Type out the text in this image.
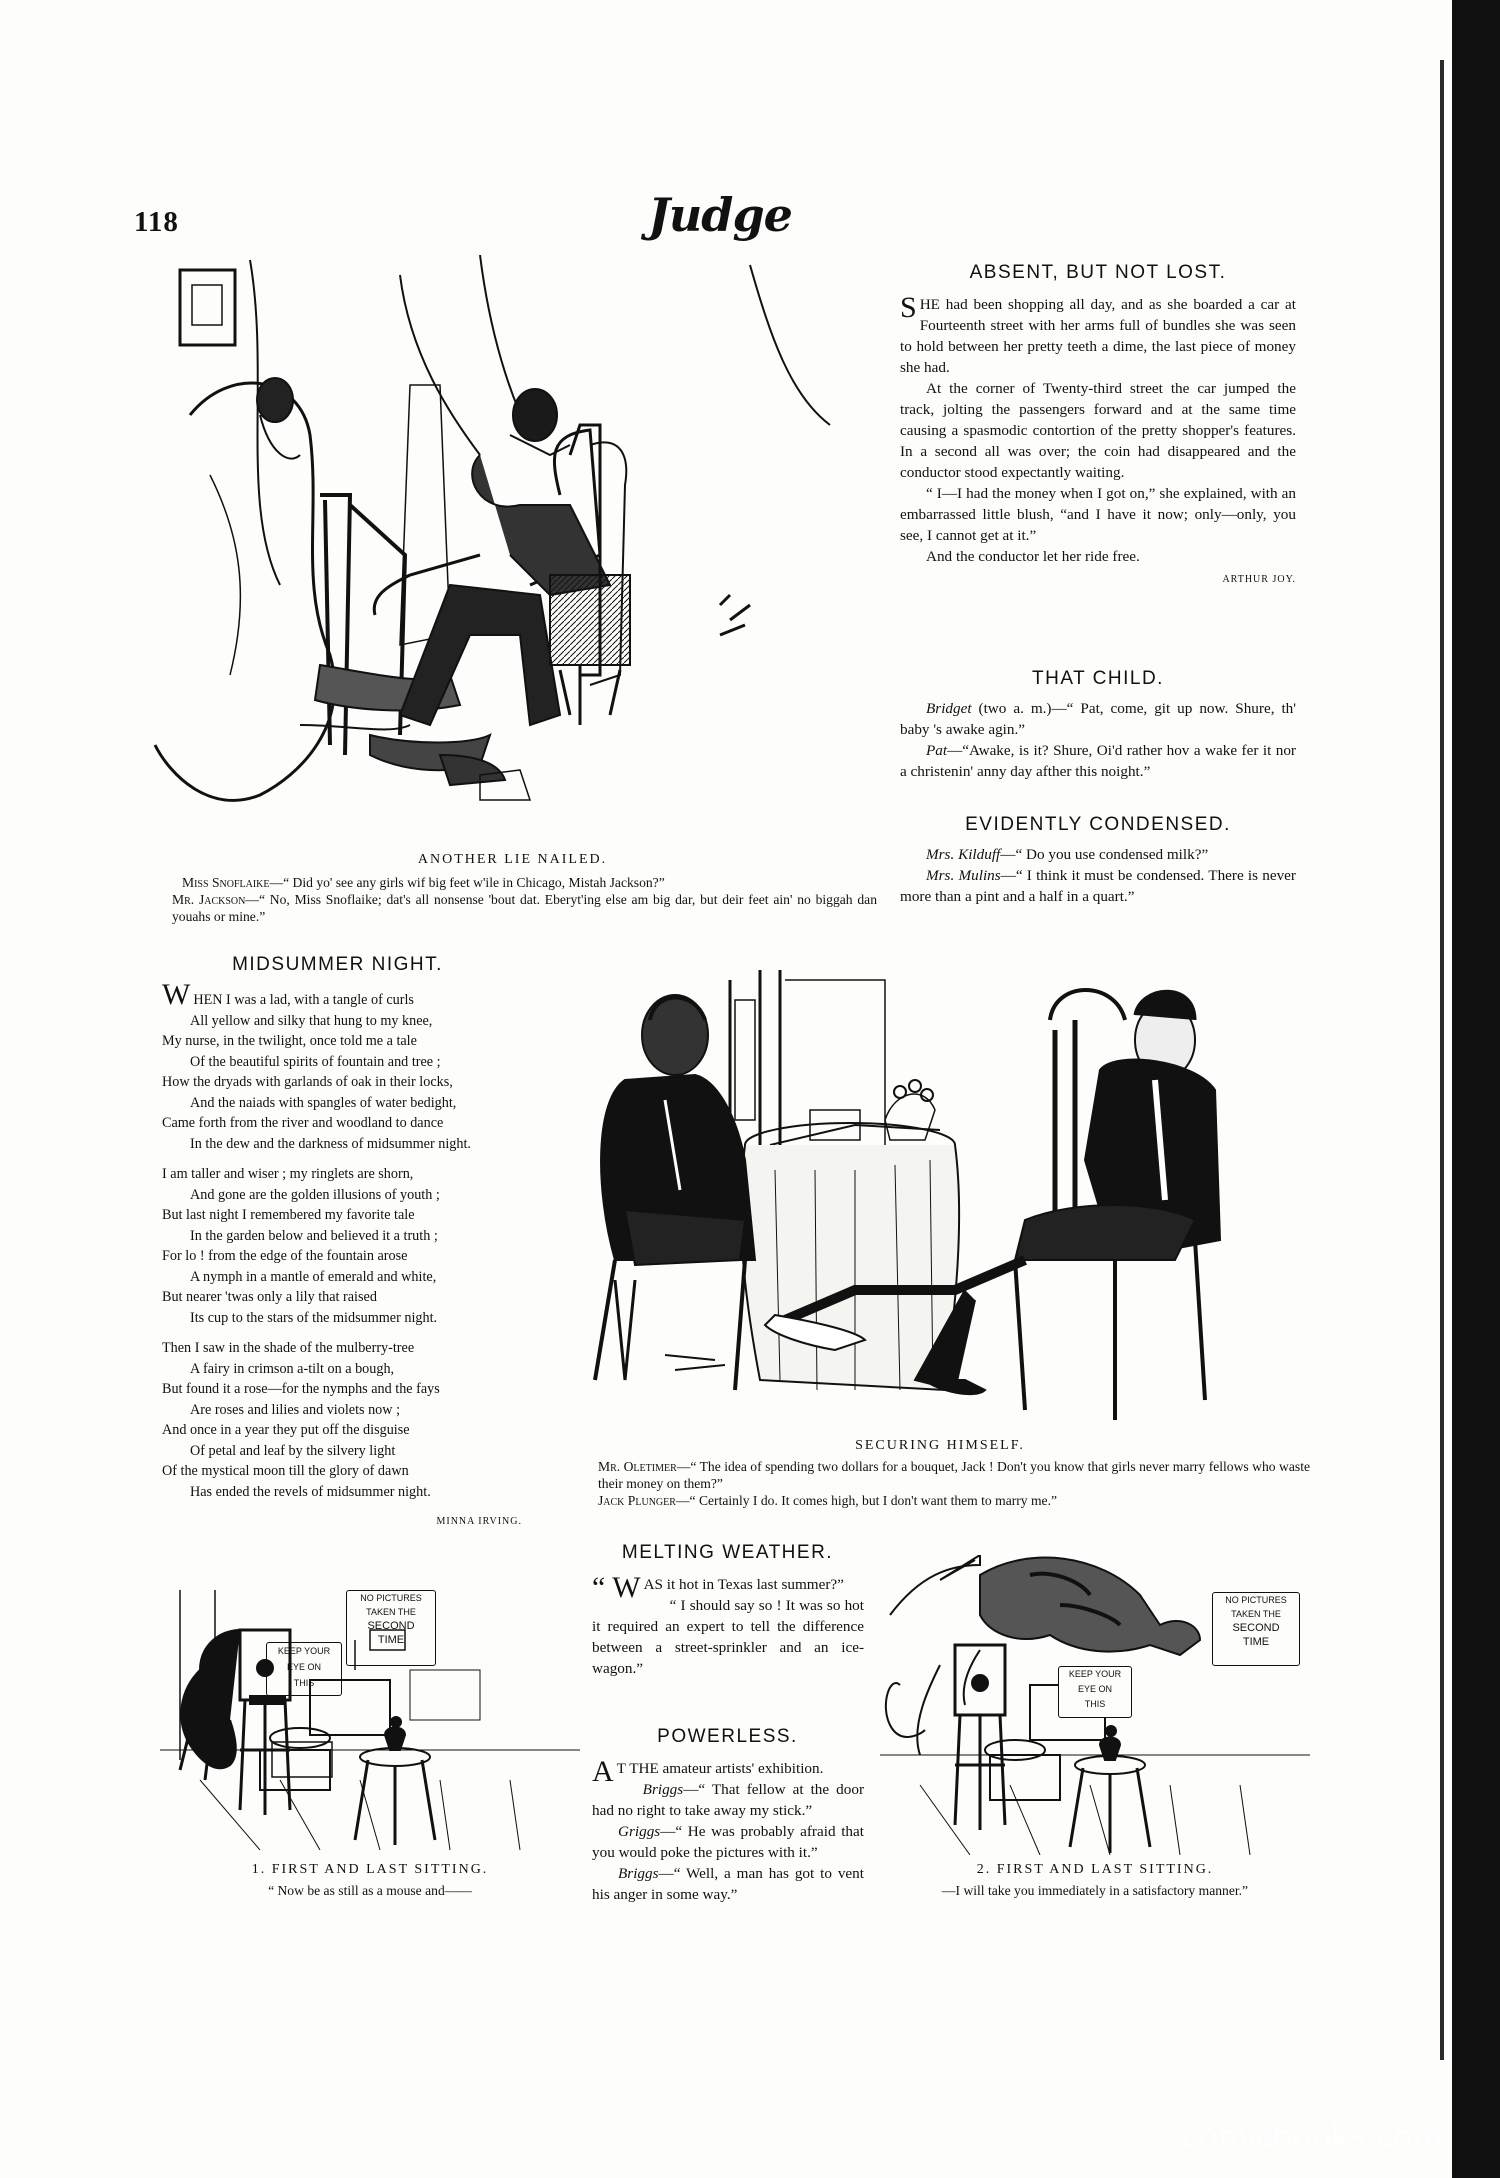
118	Judge
ANOTHER LIE NAILED.
Miss Snoflaike—“ Did yo' see any girls wif big feet w'ile in Chicago, Mistah Jackson?”
Mr. Jackson—“ No, Miss Snoflaike; dat's all nonsense 'bout dat. Eberyt'ing else am big dar, but deir feet ain' no biggah dan youahs or mine.”
ABSENT, BUT NOT LOST.

SHE had been shopping all day, and as she boarded a car at Fourteenth street with her arms full of bundles she was seen to hold between her pretty teeth a dime, the last piece of money she had.

At the corner of Twenty-third street the car jumped the track, jolting the passengers forward and at the same time causing a spasmodic contortion of the pretty shopper's features. In a second all was over; the coin had disappeared and the conductor stood expectantly waiting.

“ I—I had the money when I got on,” she explained, with an embarrassed little blush, “and I have it now; only—only, you see, I cannot get at it.”

And the conductor let her ride free.

ARTHUR JOY.
THAT CHILD.

Bridget (two a. m.)—“ Pat, come, git up now. Shure, th' baby 's awake agin.”

Pat—“Awake, is it? Shure, Oi'd rather hov a wake fer it nor a christenin' anny day afther this noight.”

EVIDENTLY CONDENSED.

Mrs. Kilduff—“ Do you use condensed milk?”

Mrs. Mulins—“ I think it must be condensed. There is never more than a pint and a half in a quart.”

MIDSUMMER NIGHT.
WHEN I was a lad, with a tangle of curls
All yellow and silky that hung to my knee,
My nurse, in the twilight, once told me a tale
Of the beautiful spirits of fountain and tree ;
How the dryads with garlands of oak in their locks,
And the naiads with spangles of water bedight,
Came forth from the river and woodland to dance
In the dew and the darkness of midsummer night.
I am taller and wiser ; my ringlets are shorn,
And gone are the golden illusions of youth ;
But last night I remembered my favorite tale
In the garden below and believed it a truth ;
For lo ! from the edge of the fountain arose
A nymph in a mantle of emerald and white,
But nearer 'twas only a lily that raised
Its cup to the stars of the midsummer night.
Then I saw in the shade of the mulberry-tree
A fairy in crimson a-tilt on a bough,
But found it a rose—for the nymphs and the fays
Are roses and lilies and violets now ;
And once in a year they put off the disguise
Of petal and leaf by the silvery light
Of the mystical moon till the glory of dawn
Has ended the revels of midsummer night.
MINNA IRVING.
SECURING HIMSELF.
Mr. Oletimer—“ The idea of spending two dollars for a bouquet, Jack ! Don't you know that girls never marry fellows who waste their money on them?”
Jack Plunger—“ Certainly I do. It comes high, but I don't want them to marry me.”
MELTING WEATHER.

“ W AS it hot in Texas last summer?”

“ I should say so ! It was so hot it required an expert to tell the difference between a street-sprinkler and an ice-wagon.”

POWERLESS.

A T THE amateur artists' exhibition.

Briggs—“ That fellow at the door had no right to take away my stick.”

Griggs—“ He was probably afraid that you would poke the pictures with it.”

Briggs—“ Well, a man has got to vent his anger in some way.”

NO PICTURES
TAKEN THE
SECOND
TIME
KEEP YOUR
EYE ON
THIS
1. FIRST AND LAST SITTING.
“ Now be as still as a mouse and——
NO PICTURES
TAKEN THE
SECOND
TIME
KEEP YOUR
EYE ON
THIS
2. FIRST AND LAST SITTING.
—I will take you immediately in a satisfactory manner.”
comicbooks.com
